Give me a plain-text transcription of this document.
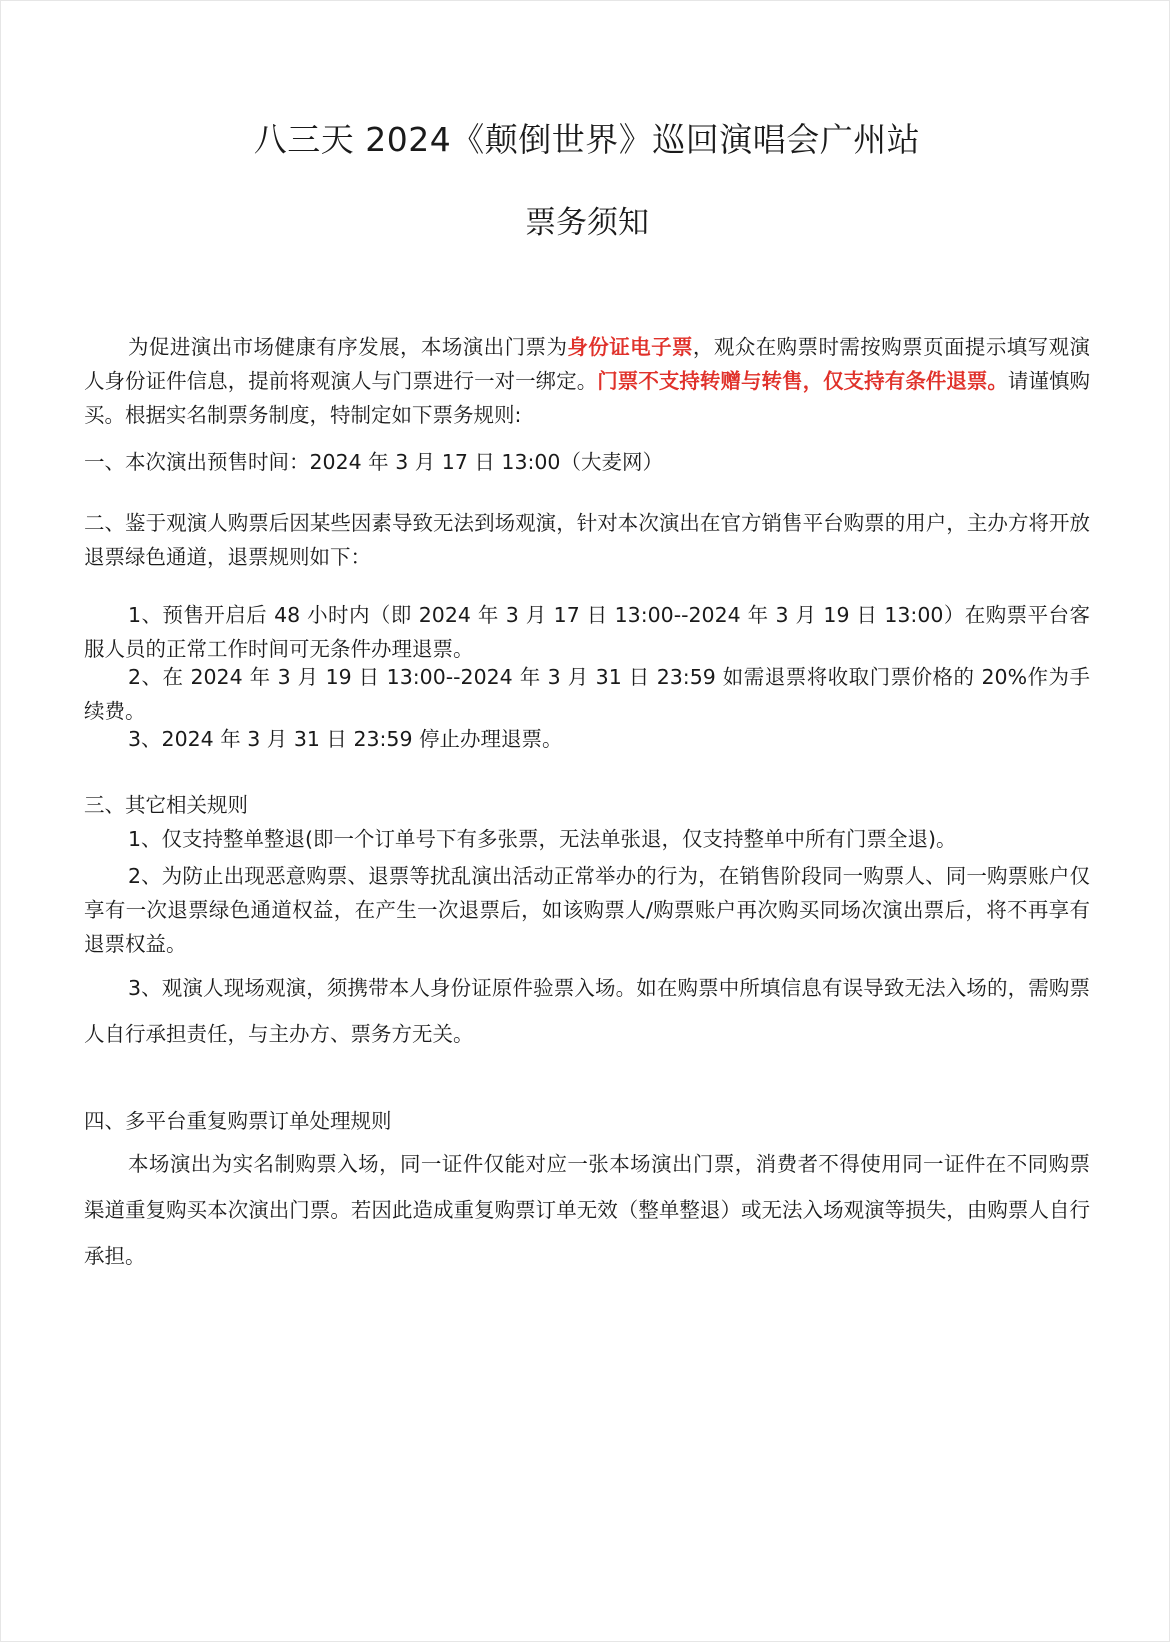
八三天 2024《颠倒世界》巡回演唱会广州站
票务须知

为促进演出市场健康有序发展，本场演出门票为身份证电子票，观众在购票时需按购票页面提示填写观演人身份证件信息，提前将观演人与门票进行一对一绑定。门票不支持转赠与转售，仅支持有条件退票。请谨慎购买。根据实名制票务制度，特制定如下票务规则:

一、本次演出预售时间：2024 年 3 月 17 日 13:00（大麦网）

二、鉴于观演人购票后因某些因素导致无法到场观演，针对本次演出在官方销售平台购票的用户，主办方将开放退票绿色通道，退票规则如下：

1、预售开启后 48 小时内（即 2024 年 3 月 17 日 13:00--2024 年 3 月 19 日 13:00）在购票平台客服人员的正常工作时间可无条件办理退票。

2、在 2024 年 3 月 19 日 13:00--2024 年 3 月 31 日 23:59 如需退票将收取门票价格的 20%作为手续费。

3、2024 年 3 月 31 日 23:59 停止办理退票。

三、其它相关规则

1、仅支持整单整退(即一个订单号下有多张票，无法单张退，仅支持整单中所有门票全退)。

2、为防止出现恶意购票、退票等扰乱演出活动正常举办的行为，在销售阶段同一购票人、同一购票账户仅享有一次退票绿色通道权益，在产生一次退票后，如该购票人/购票账户再次购买同场次演出票后，将不再享有退票权益。

3、观演人现场观演，须携带本人身份证原件验票入场。如在购票中所填信息有误导致无法入场的，需购票人自行承担责任，与主办方、票务方无关。

四、多平台重复购票订单处理规则

本场演出为实名制购票入场，同一证件仅能对应一张本场演出门票，消费者不得使用同一证件在不同购票渠道重复购买本次演出门票。若因此造成重复购票订单无效（整单整退）或无法入场观演等损失，由购票人自行承担。
